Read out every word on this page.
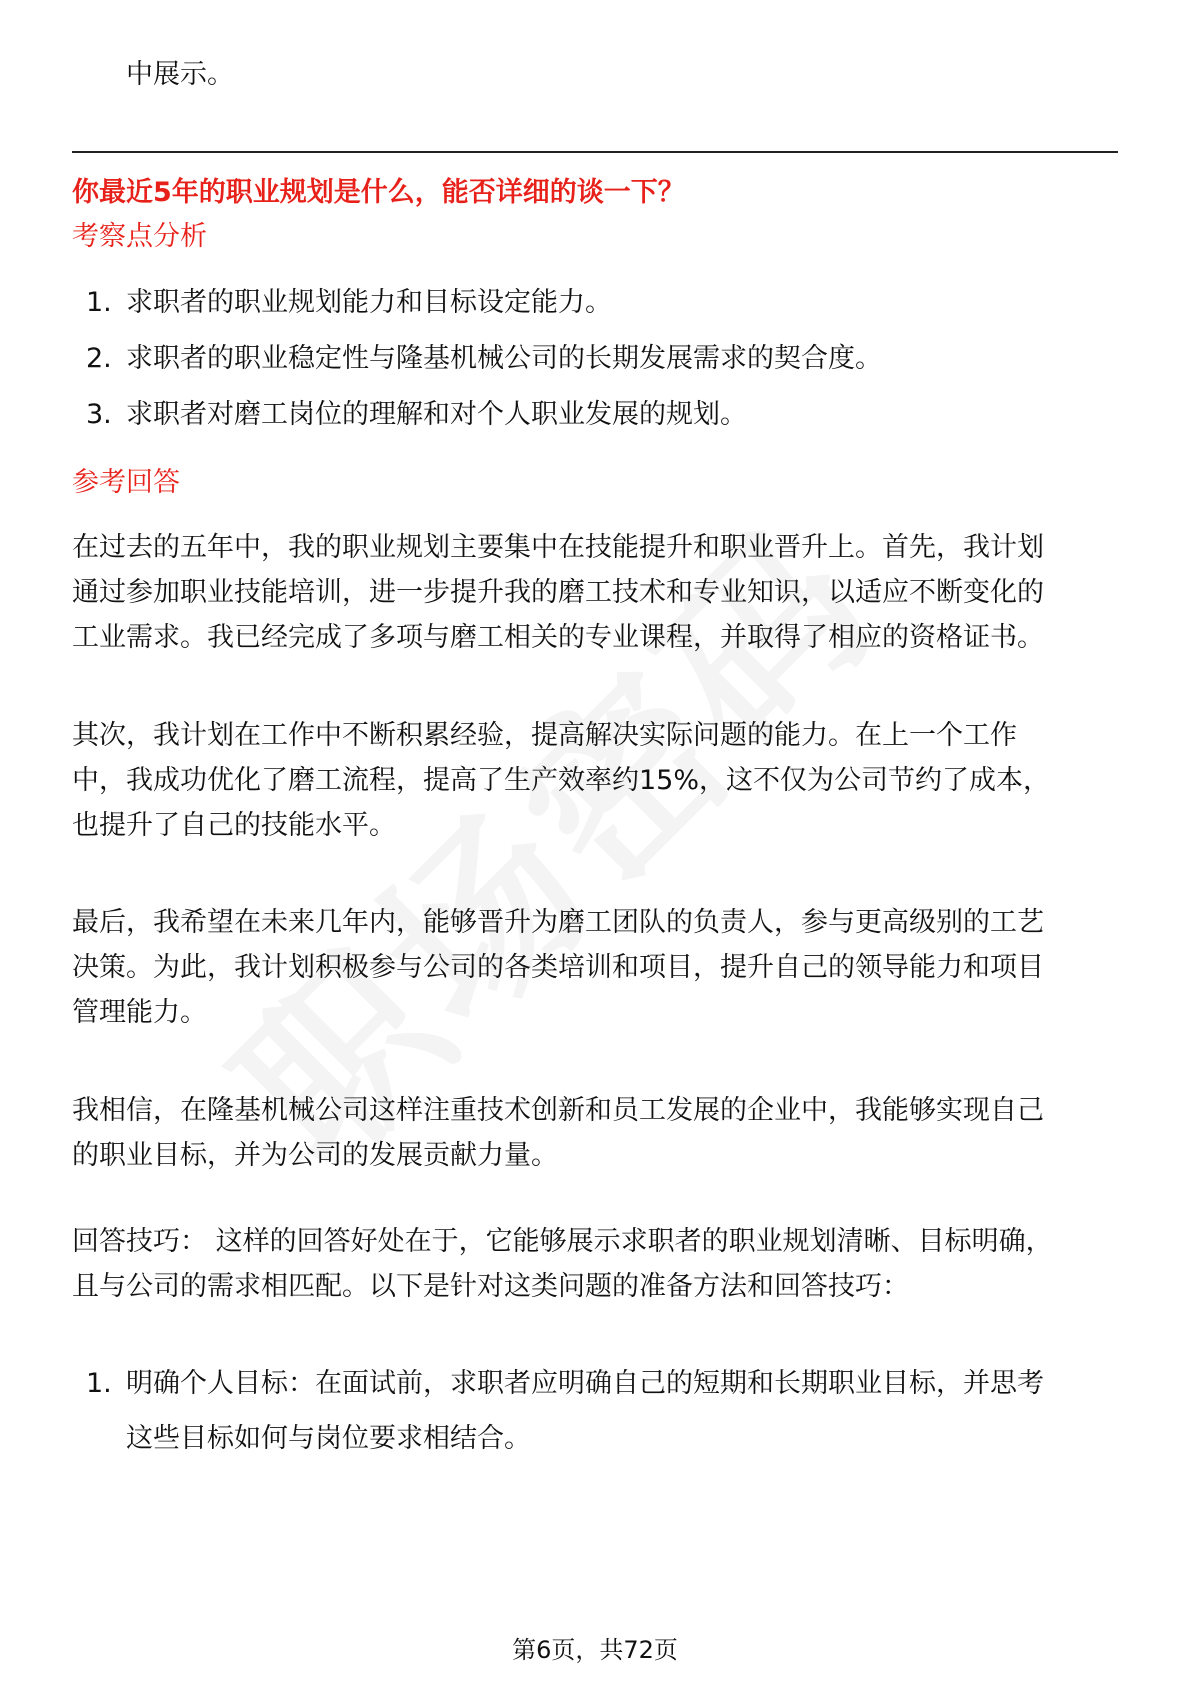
中展示。
你最近5年的职业规划是什么，能否详细的谈一下？
考察点分析
1. 求职者的职业规划能力和目标设定能力。
2. 求职者的职业稳定性与隆基机械公司的长期发展需求的契合度。
3. 求职者对磨工岗位的理解和对个人职业发展的规划。
参考回答
在过去的五年中，我的职业规划主要集中在技能提升和职业晋升上。首先，我计划
通过参加职业技能培训，进一步提升我的磨工技术和专业知识，以适应不断变化的
工业需求。我已经完成了多项与磨工相关的专业课程，并取得了相应的资格证书。
其次，我计划在工作中不断积累经验，提高解决实际问题的能力。在上一个工作
中，我成功优化了磨工流程，提高了生产效率约15%，这不仅为公司节约了成本，
也提升了自己的技能水平。
最后，我希望在未来几年内，能够晋升为磨工团队的负责人，参与更高级别的工艺
决策。为此，我计划积极参与公司的各类培训和项目，提升自己的领导能力和项目
管理能力。
我相信，在隆基机械公司这样注重技术创新和员工发展的企业中，我能够实现自己
的职业目标，并为公司的发展贡献力量。
回答技巧： 这样的回答好处在于，它能够展示求职者的职业规划清晰、目标明确，
且与公司的需求相匹配。以下是针对这类问题的准备方法和回答技巧：
1. 明确个人目标：在面试前，求职者应明确自己的短期和长期职业目标，并思考
这些目标如何与岗位要求相结合。
第6页，共72页
